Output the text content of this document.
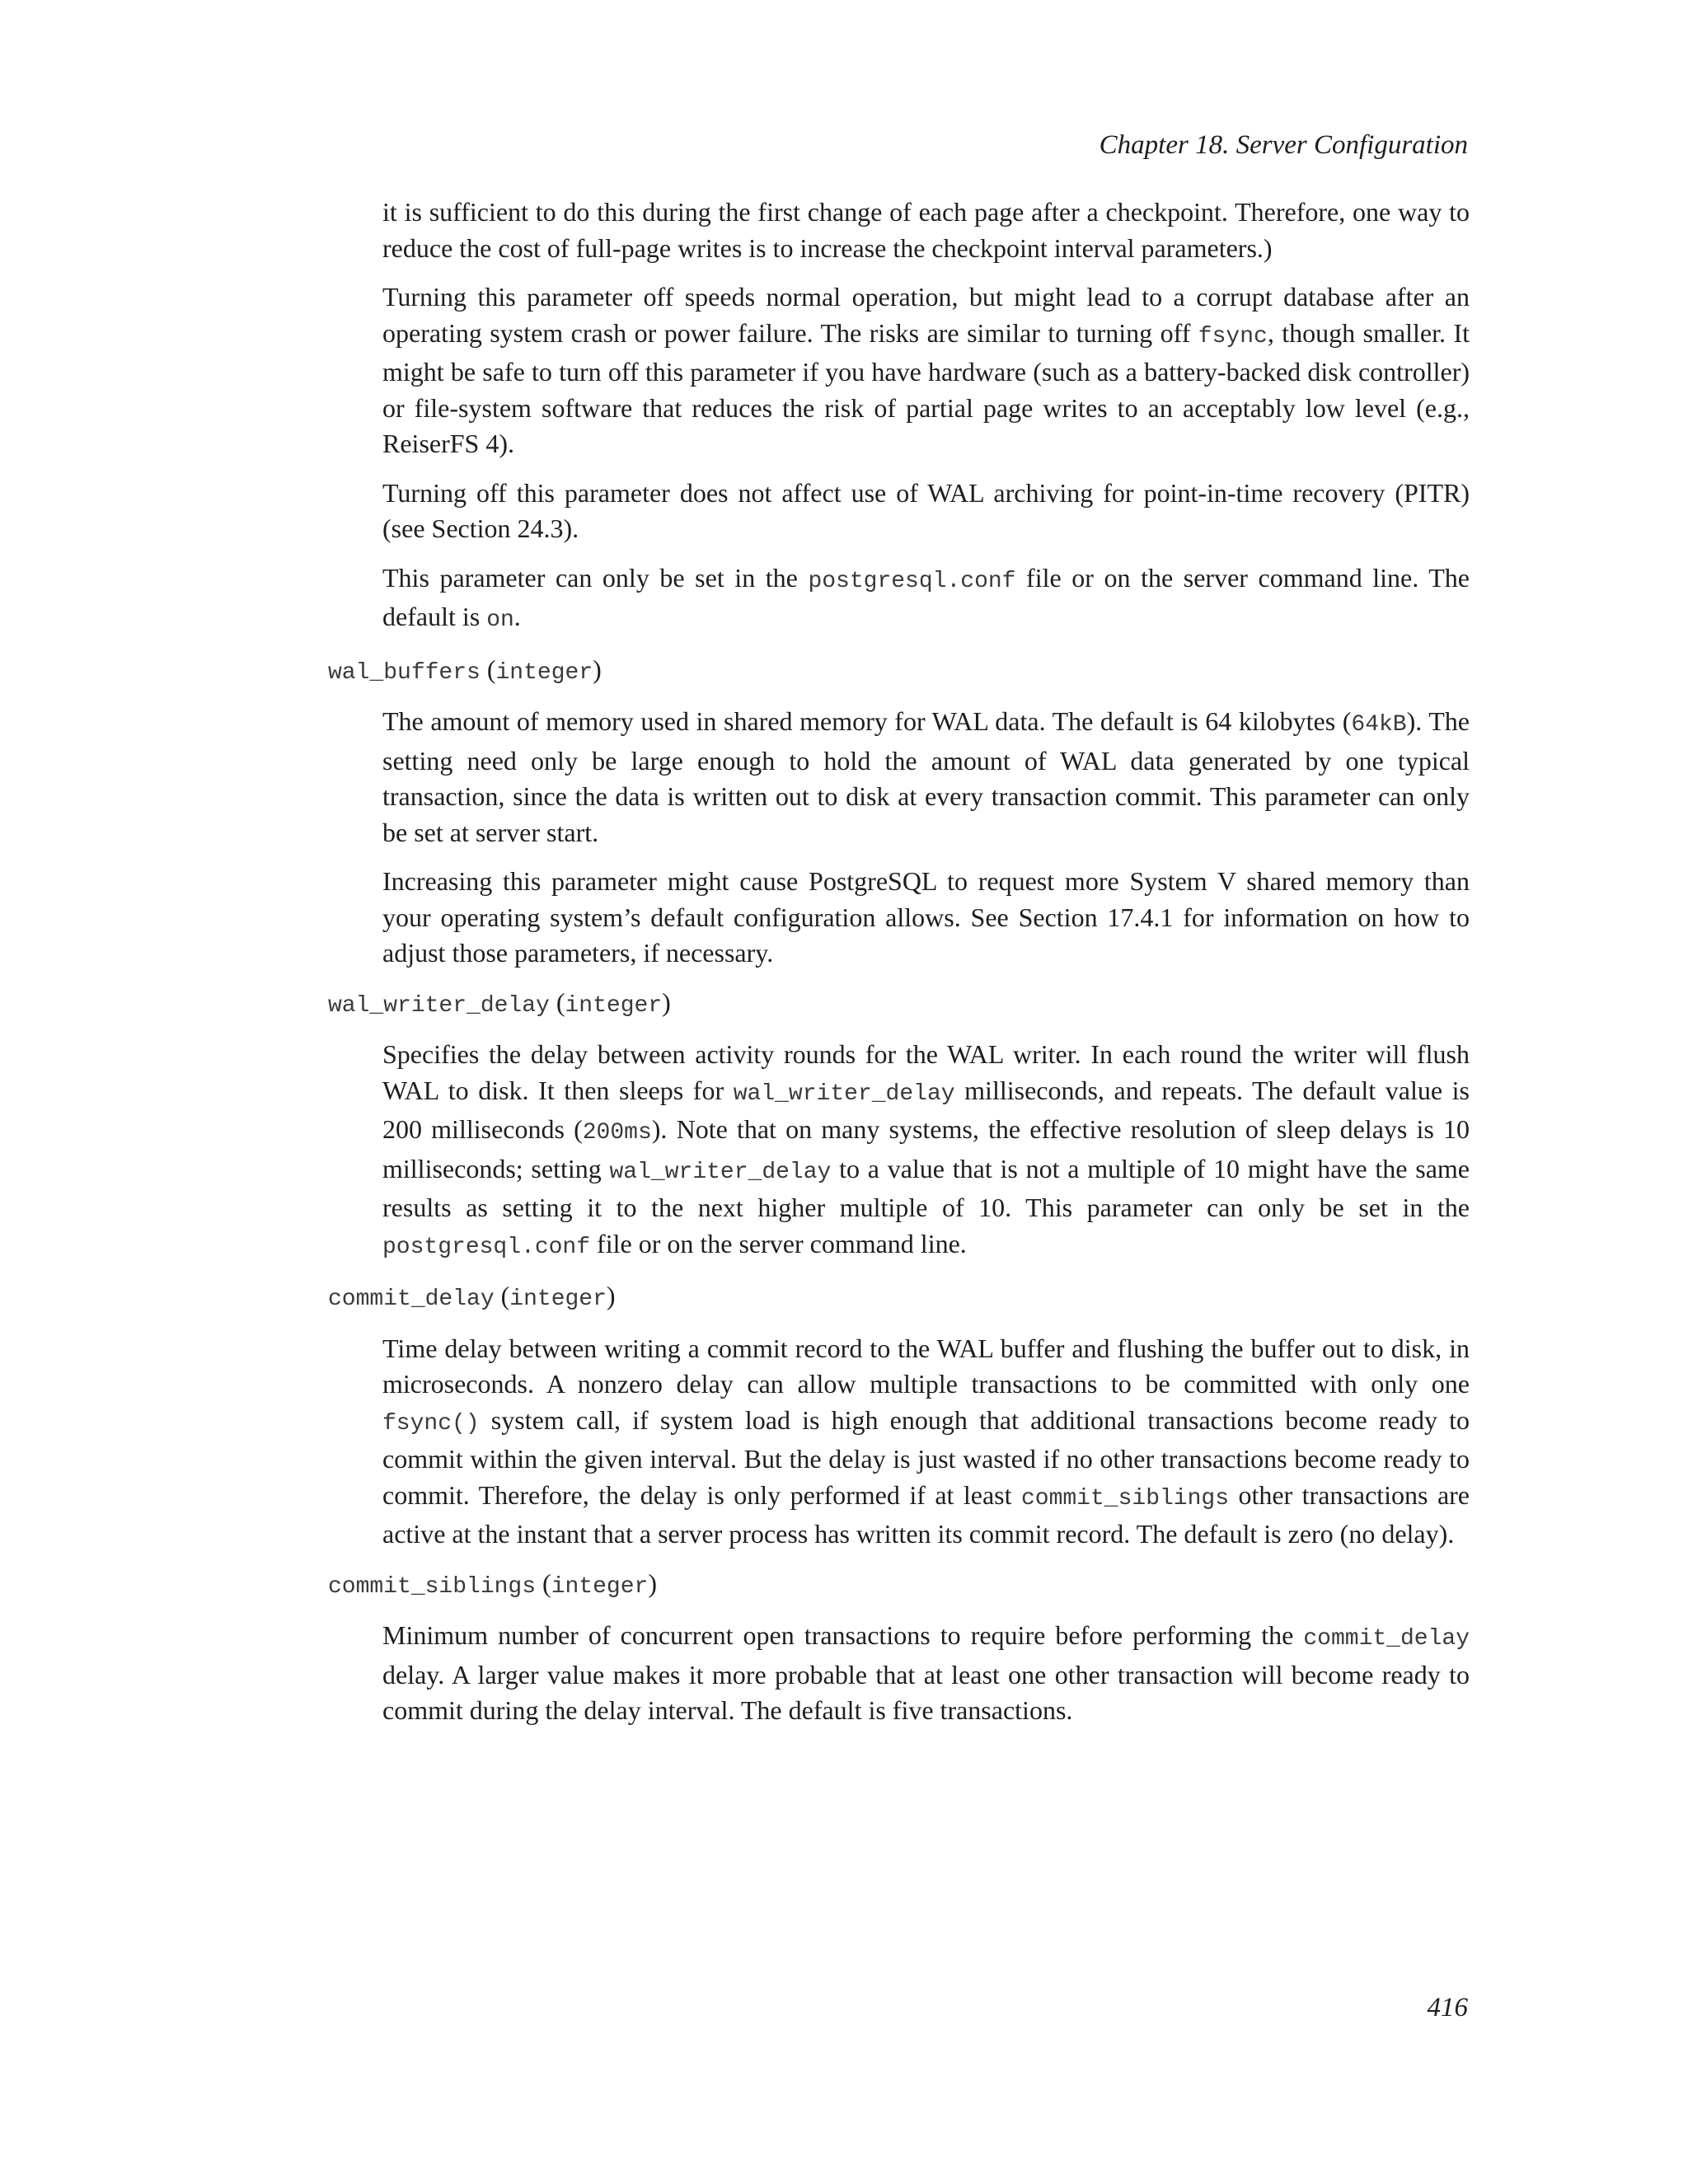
Chapter 18. Server Configuration

it is sufficient to do this during the first change of each page after a checkpoint. Therefore, one way to reduce the cost of full-page writes is to increase the checkpoint interval parameters.)

Turning this parameter off speeds normal operation, but might lead to a corrupt database after an operating system crash or power failure. The risks are similar to turning off fsync, though smaller. It might be safe to turn off this parameter if you have hardware (such as a battery-backed disk controller) or file-system software that reduces the risk of partial page writes to an acceptably low level (e.g., ReiserFS 4).

Turning off this parameter does not affect use of WAL archiving for point-in-time recovery (PITR) (see Section 24.3).

This parameter can only be set in the postgresql.conf file or on the server command line. The default is on.

wal_buffers (integer)

The amount of memory used in shared memory for WAL data. The default is 64 kilobytes (64kB). The setting need only be large enough to hold the amount of WAL data generated by one typical transaction, since the data is written out to disk at every transaction commit. This parameter can only be set at server start.

Increasing this parameter might cause PostgreSQL to request more System V shared memory than your operating system’s default configuration allows. See Section 17.4.1 for information on how to adjust those parameters, if necessary.

wal_writer_delay (integer)

Specifies the delay between activity rounds for the WAL writer. In each round the writer will flush WAL to disk. It then sleeps for wal_writer_delay milliseconds, and repeats. The default value is 200 milliseconds (200ms). Note that on many systems, the effective resolution of sleep delays is 10 milliseconds; setting wal_writer_delay to a value that is not a multiple of 10 might have the same results as setting it to the next higher multiple of 10. This parameter can only be set in the postgresql.conf file or on the server command line.

commit_delay (integer)

Time delay between writing a commit record to the WAL buffer and flushing the buffer out to disk, in microseconds. A nonzero delay can allow multiple transactions to be committed with only one fsync() system call, if system load is high enough that additional transactions become ready to commit within the given interval. But the delay is just wasted if no other transactions become ready to commit. Therefore, the delay is only performed if at least commit_siblings other transactions are active at the instant that a server process has written its commit record. The default is zero (no delay).

commit_siblings (integer)

Minimum number of concurrent open transactions to require before performing the commit_delay delay. A larger value makes it more probable that at least one other transaction will become ready to commit during the delay interval. The default is five transactions.

416
